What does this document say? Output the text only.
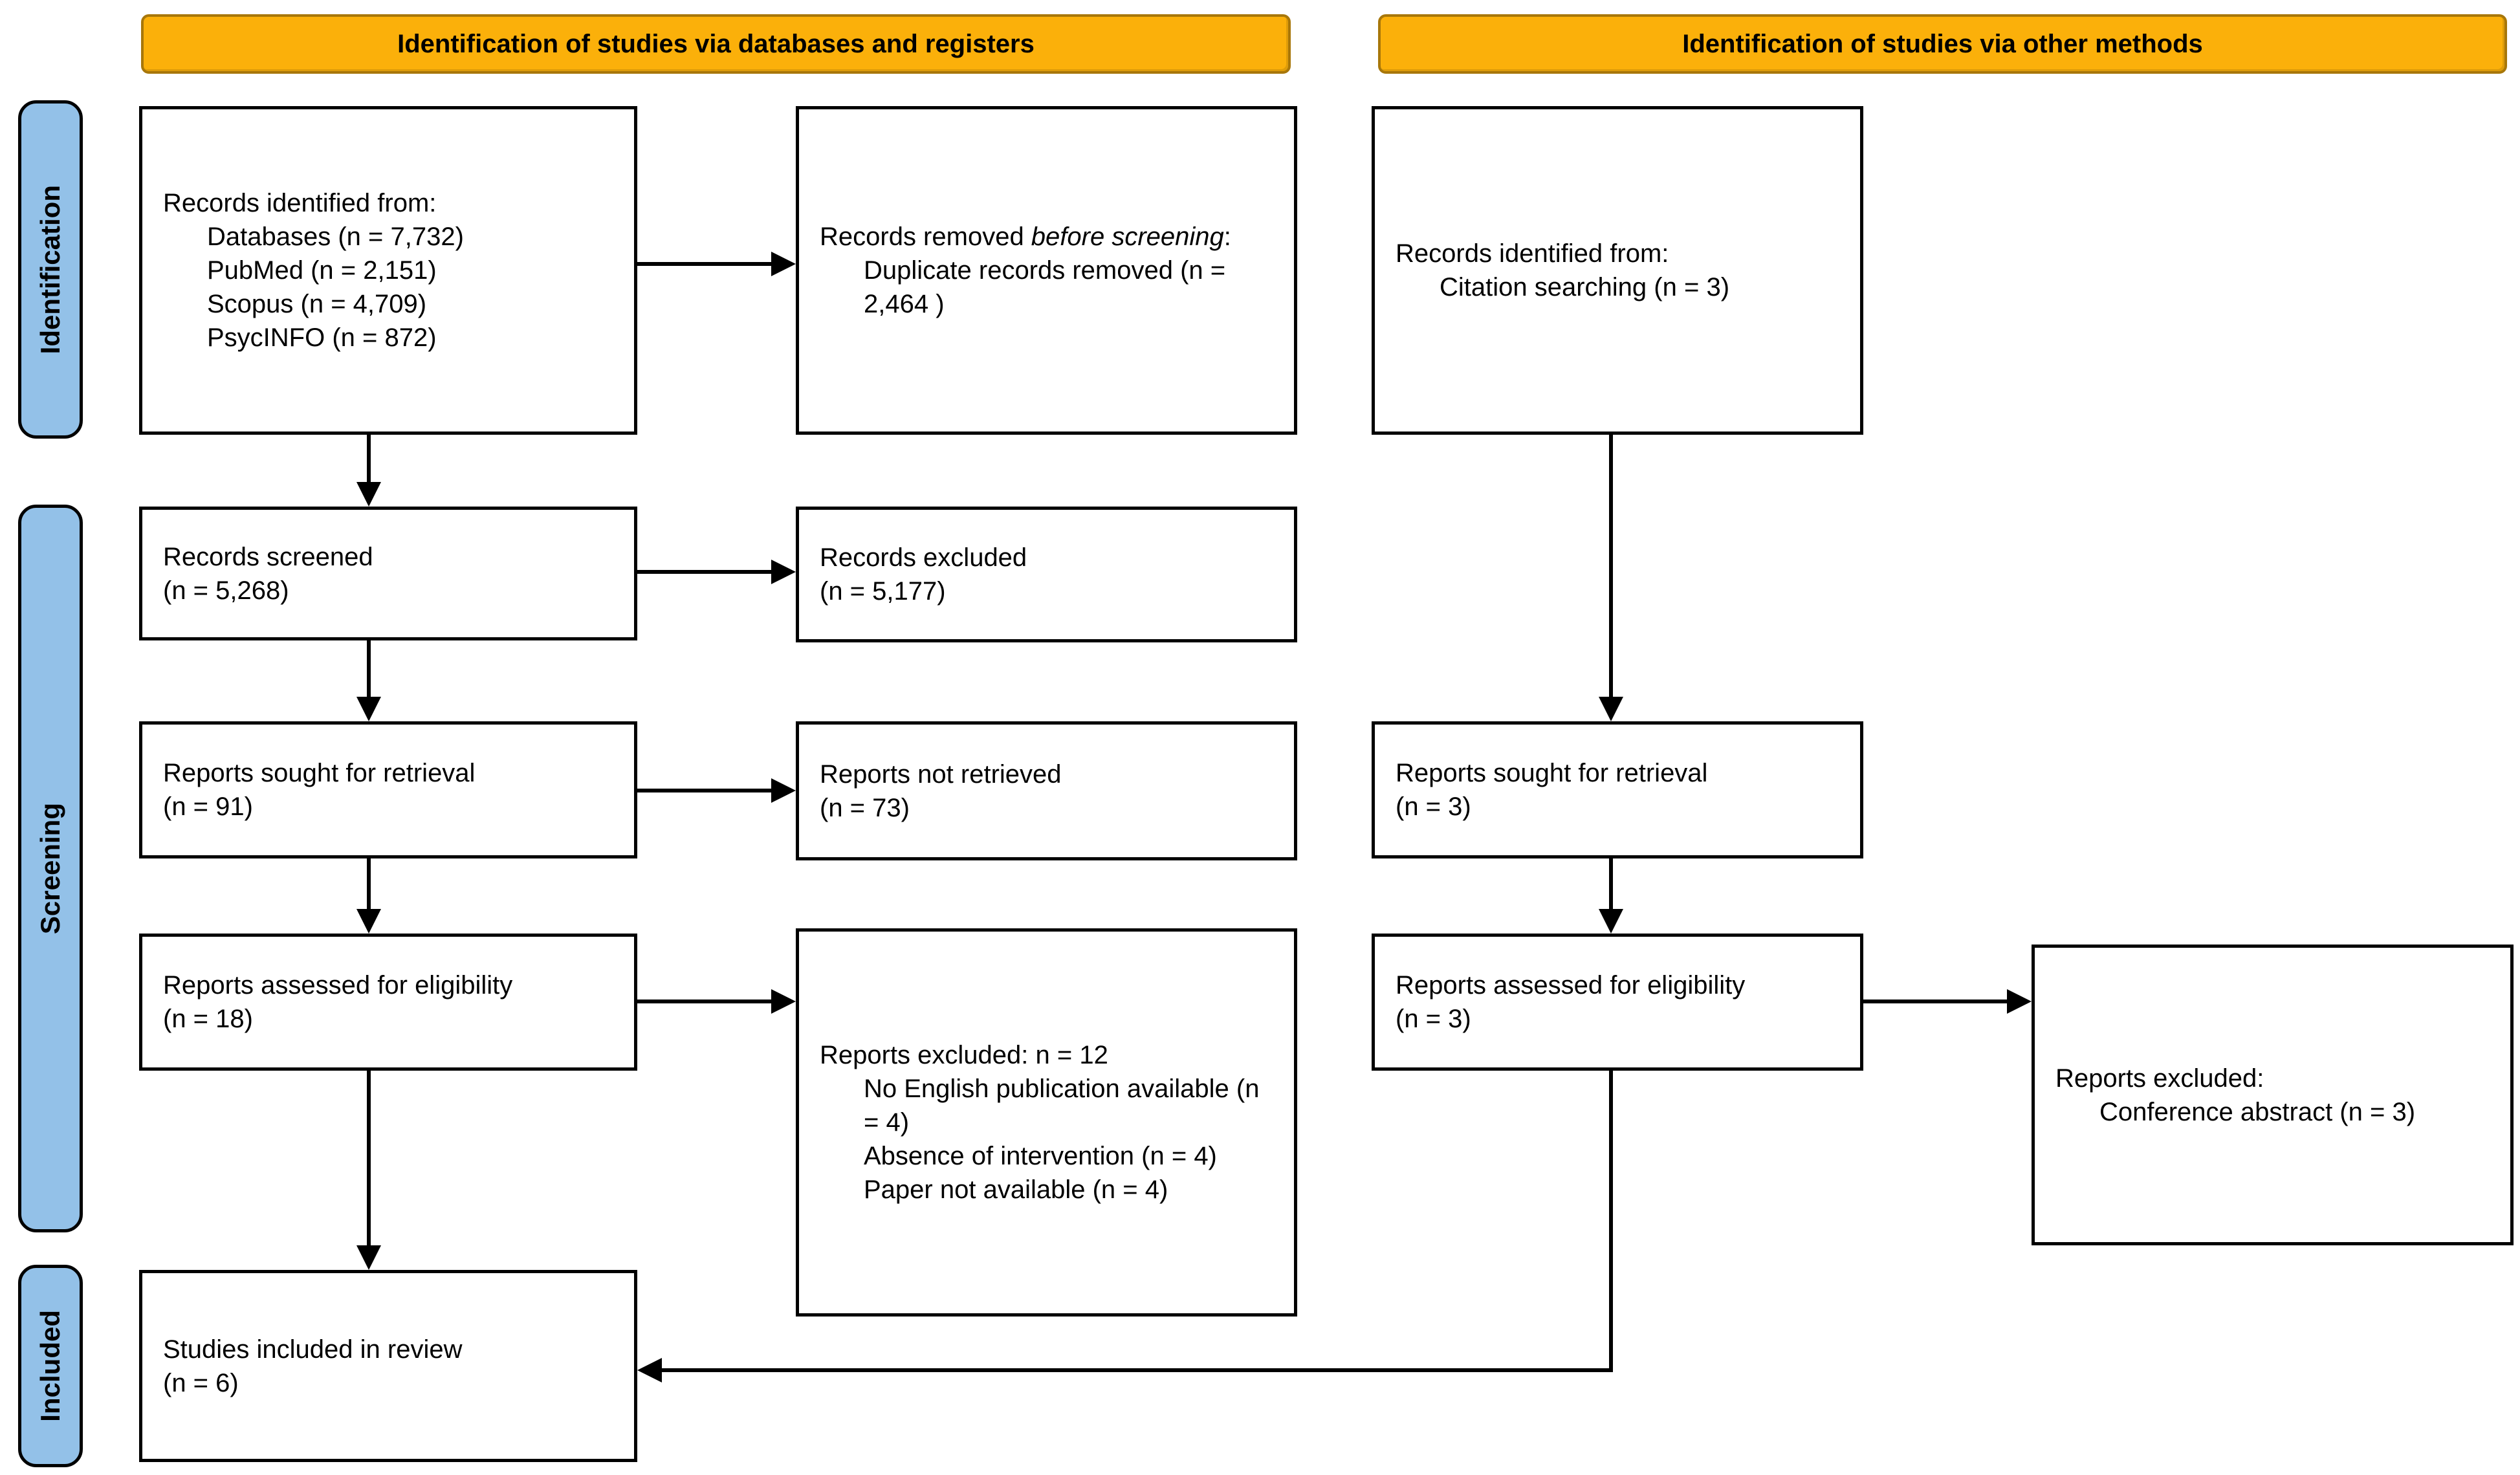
Identification of studies via databases and registers	Identification of studies via other methods
Identification
Screening
Included
Records identified from:
Databases (n = 7,732)
PubMed (n = 2,151)
Scopus (n = 4,709)
PsycINFO (n = 872)
Records screened
(n = 5,268)
Reports sought for retrieval
(n = 91)
Reports assessed for eligibility
(n = 18)
Studies included in review
(n = 6)
Records removed before screening:
Duplicate records removed (n = 2,464 )
Records excluded
(n = 5,177)
Reports not retrieved
(n = 73)
Reports excluded: n = 12
No English publication available (n = 4)
Absence of intervention (n = 4)
Paper not available (n = 4)
Records identified from:
Citation searching (n = 3)
Reports sought for retrieval
(n = 3)
Reports assessed for eligibility
(n = 3)
Reports excluded:
Conference abstract (n = 3)
